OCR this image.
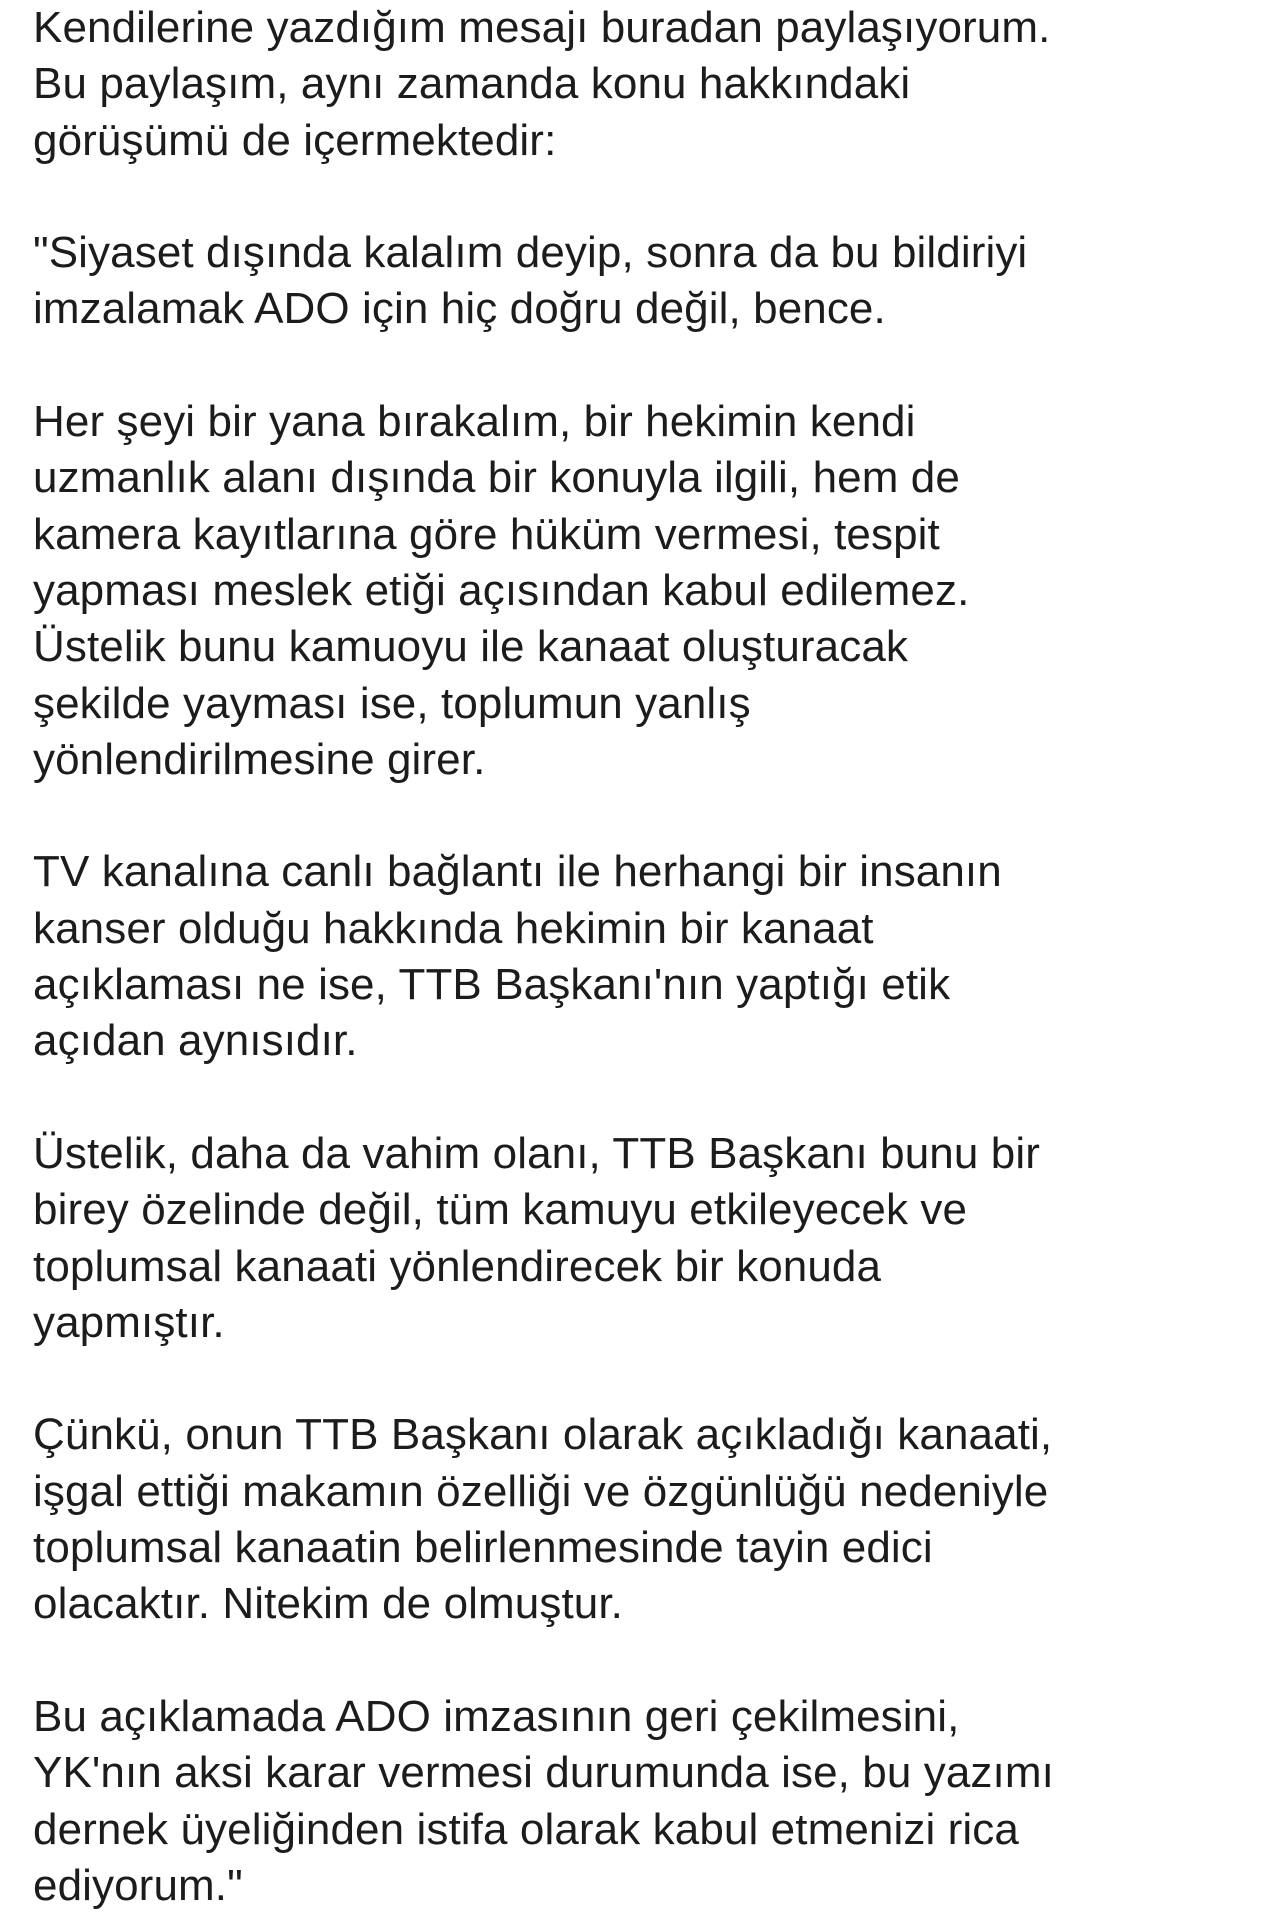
Kendilerine yazdığım mesajı buradan paylaşıyorum.
Bu paylaşım, aynı zamanda konu hakkındaki
görüşümü de içermektedir:
"Siyaset dışında kalalım deyip, sonra da bu bildiriyi
imzalamak ADO için hiç doğru değil, bence.
Her şeyi bir yana bırakalım, bir hekimin kendi
uzmanlık alanı dışında bir konuyla ilgili, hem de
kamera kayıtlarına göre hüküm vermesi, tespit
yapması meslek etiği açısından kabul edilemez.
Üstelik bunu kamuoyu ile kanaat oluşturacak
şekilde yayması ise, toplumun yanlış
yönlendirilmesine girer.
TV kanalına canlı bağlantı ile herhangi bir insanın
kanser olduğu hakkında hekimin bir kanaat
açıklaması ne ise, TTB Başkanı'nın yaptığı etik
açıdan aynısıdır.
Üstelik, daha da vahim olanı, TTB Başkanı bunu bir
birey özelinde değil, tüm kamuyu etkileyecek ve
toplumsal kanaati yönlendirecek bir konuda
yapmıştır.
Çünkü, onun TTB Başkanı olarak açıkladığı kanaati,
işgal ettiği makamın özelliği ve özgünlüğü nedeniyle
toplumsal kanaatin belirlenmesinde tayin edici
olacaktır. Nitekim de olmuştur.
Bu açıklamada ADO imzasının geri çekilmesini,
YK'nın aksi karar vermesi durumunda ise, bu yazımı
dernek üyeliğinden istifa olarak kabul etmenizi rica
ediyorum."
